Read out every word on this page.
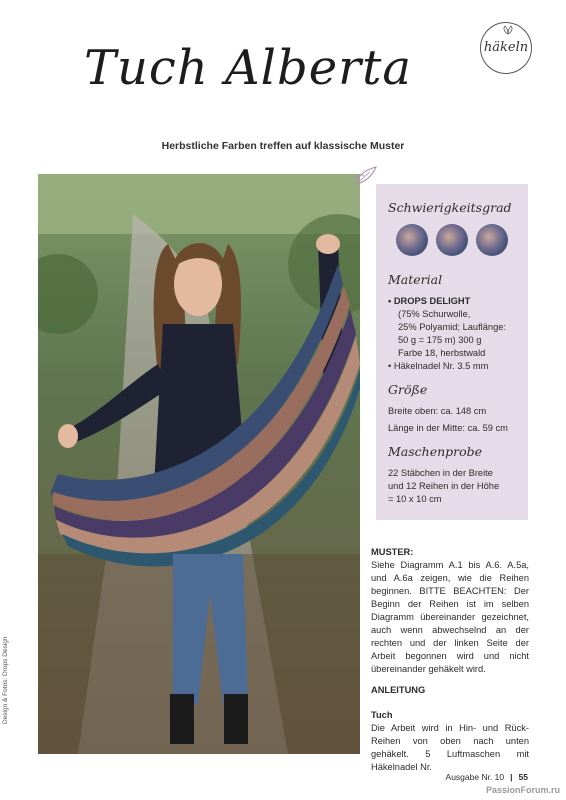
häkeln
Tuch Alberta
Herbstliche Farben treffen auf klassische Muster
Schwierigkeitsgrad
Material
• DROPS DELIGHT
(75% Schurwolle,
25% Polyamid; Lauflänge:
50 g = 175 m) 300 g
Farbe 18, herbstwald
• Häkelnadel Nr. 3.5 mm
Größe
Breite oben: ca. 148 cm
Länge in der Mitte: ca. 59 cm
Maschenprobe
22 Stäbchen in der Breite
und 12 Reihen in der Höhe
= 10 x 10 cm
MUSTER:
Siehe Diagramm A.1 bis A.6. A.5a, und A.6a zeigen, wie die Reihen beginnen. BITTE BEACHTEN: Der Beginn der Reihen ist im selben Diagramm übereinander gezeichnet, auch wenn abwechselnd an der rechten und der linken Seite der Arbeit begonnen wird und nicht übereinander gehäkelt wird.
ANLEITUNG
Tuch
Die Arbeit wird in Hin- und Rück-Reihen von oben nach unten gehäkelt. 5 Luftmaschen mit Häkelnadel Nr.
Design & Fotos: Drops Design
Ausgabe Nr. 10 | 55
PassionForum.ru
